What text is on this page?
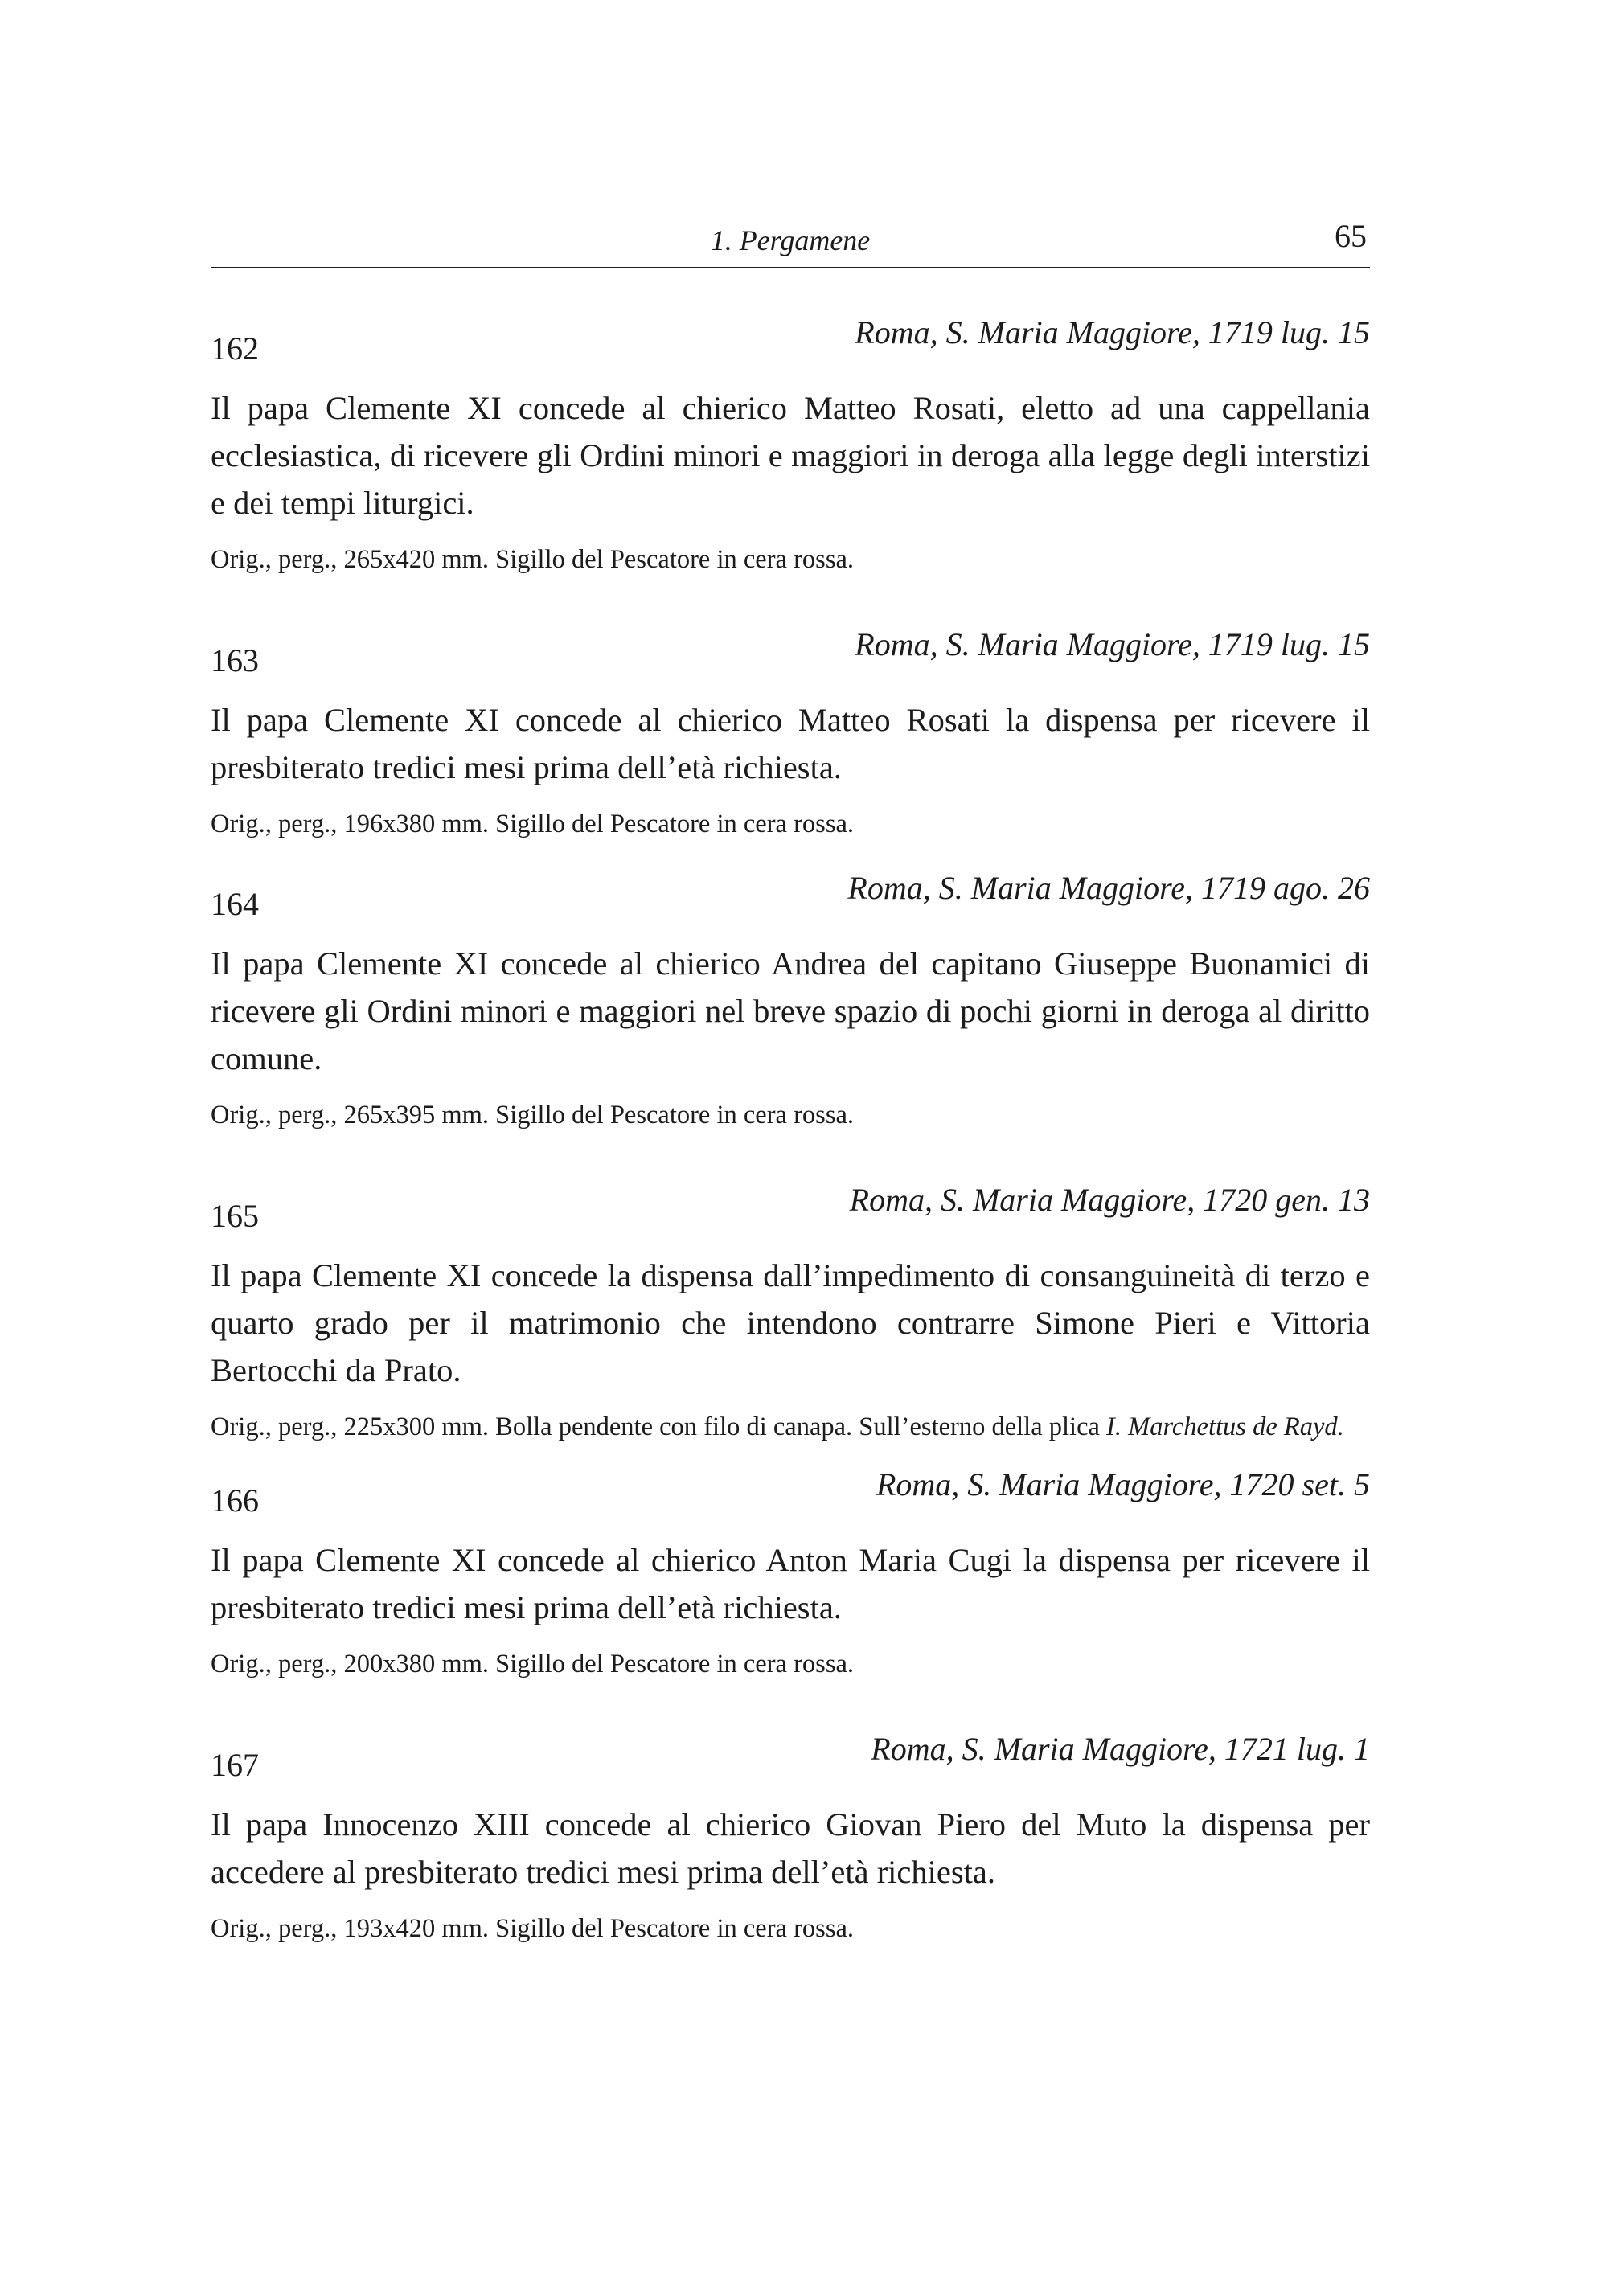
1. Pergamene	65
162	Roma, S. Maria Maggiore, 1719 lug. 15

Il papa Clemente XI concede al chierico Matteo Rosati, eletto ad una cappellania ecclesiastica, di ricevere gli Ordini minori e maggiori in deroga alla legge degli interstizi e dei tempi liturgici.

Orig., perg., 265x420 mm. Sigillo del Pescatore in cera rossa.

163	Roma, S. Maria Maggiore, 1719 lug. 15

Il papa Clemente XI concede al chierico Matteo Rosati la dispensa per ricevere il presbiterato tredici mesi prima dell’età richiesta.

Orig., perg., 196x380 mm. Sigillo del Pescatore in cera rossa.

164	Roma, S. Maria Maggiore, 1719 ago. 26

Il papa Clemente XI concede al chierico Andrea del capitano Giuseppe Buonamici di ricevere gli Ordini minori e maggiori nel breve spazio di pochi giorni in deroga al diritto comune.

Orig., perg., 265x395 mm. Sigillo del Pescatore in cera rossa.

165	Roma, S. Maria Maggiore, 1720 gen. 13

Il papa Clemente XI concede la dispensa dall’impedimento di consanguineità di terzo e quarto grado per il matrimonio che intendono contrarre Simone Pieri e Vittoria Bertocchi da Prato.

Orig., perg., 225x300 mm. Bolla pendente con filo di canapa. Sull’esterno della plica I. Marchettus de Rayd.

166	Roma, S. Maria Maggiore, 1720 set. 5

Il papa Clemente XI concede al chierico Anton Maria Cugi la dispensa per ricevere il presbiterato tredici mesi prima dell’età richiesta.

Orig., perg., 200x380 mm. Sigillo del Pescatore in cera rossa.

167	Roma, S. Maria Maggiore, 1721 lug. 1

Il papa Innocenzo XIII concede al chierico Giovan Piero del Muto la dispensa per accedere al presbiterato tredici mesi prima dell’età richiesta.

Orig., perg., 193x420 mm. Sigillo del Pescatore in cera rossa.
